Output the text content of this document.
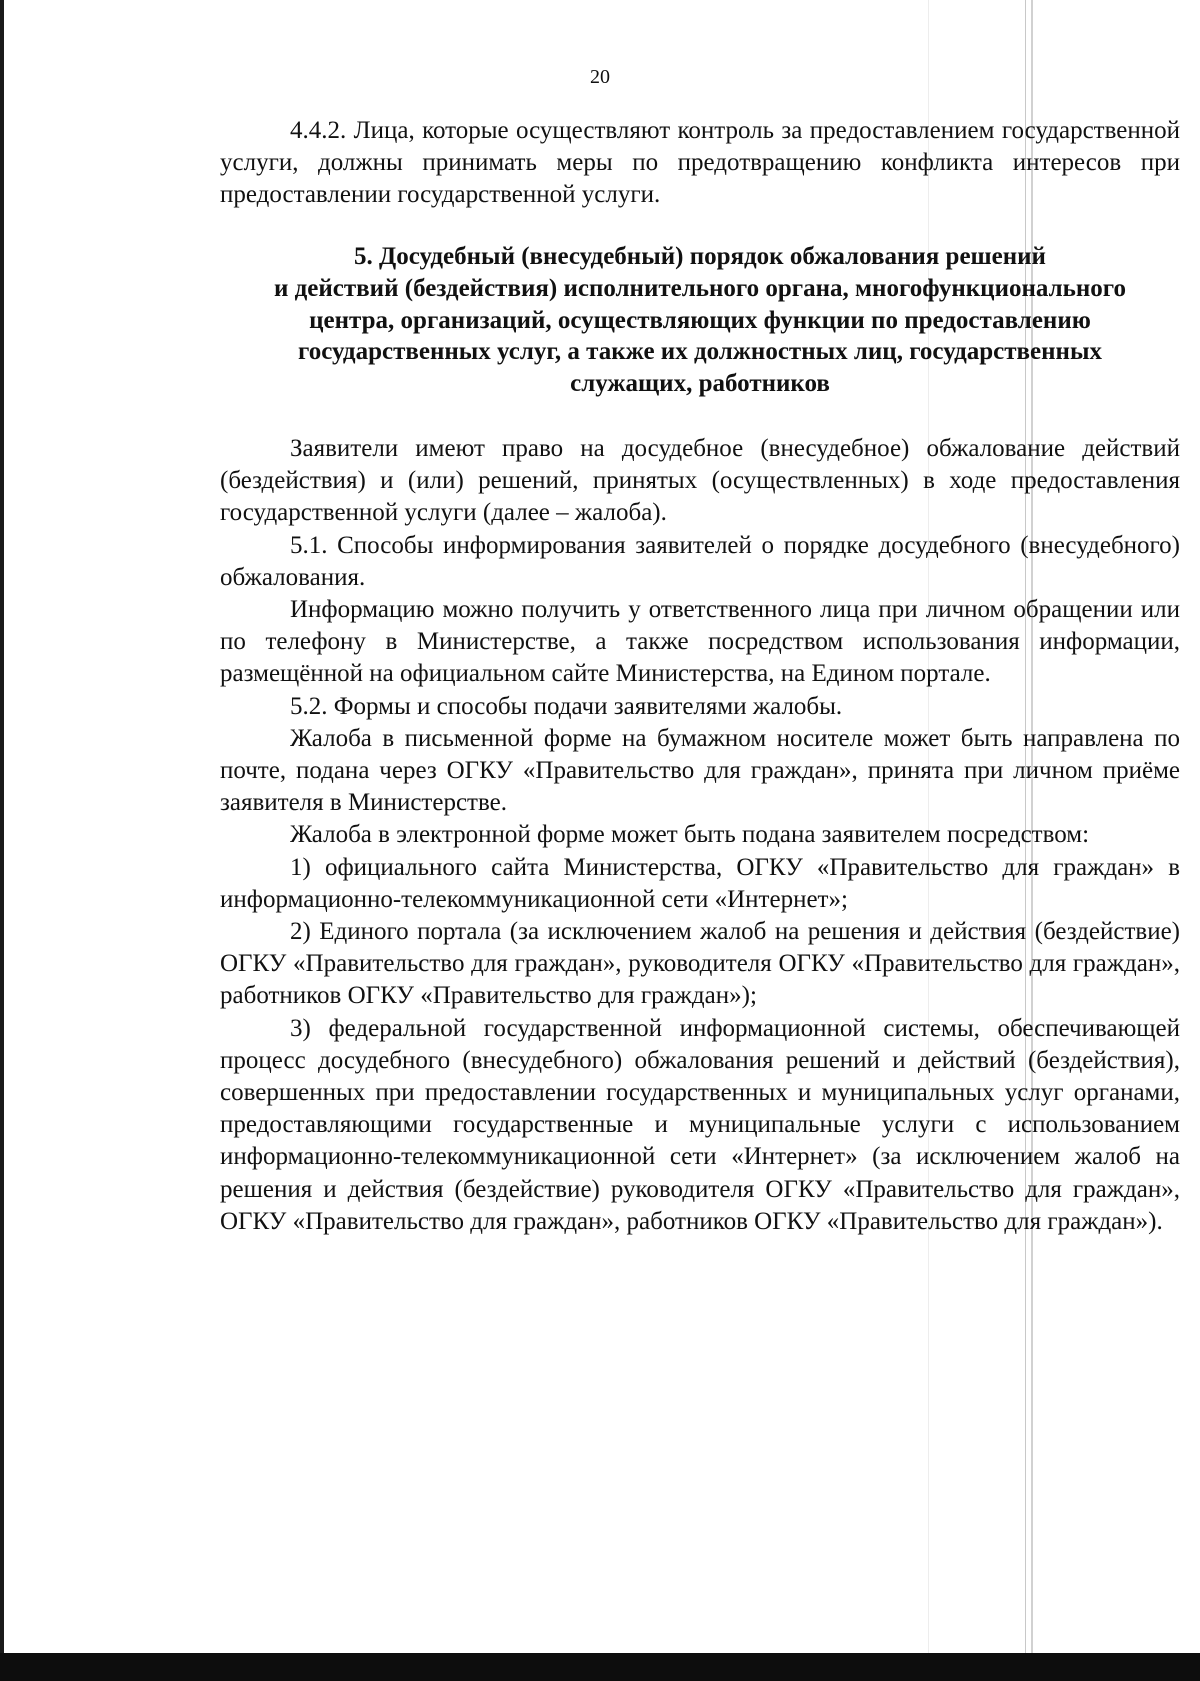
20

4.4.2. Лица, которые осуществляют контроль за предоставлением государственной услуги, должны принимать меры по предотвращению конфликта интересов при предоставлении государственной услуги.

5. Досудебный (внесудебный) порядок обжалования решений
и действий (бездействия) исполнительного органа, многофункционального
центра, организаций, осуществляющих функции по предоставлению
государственных услуг, а также их должностных лиц, государственных
служащих, работников

Заявители имеют право на досудебное (внесудебное) обжалование действий (бездействия) и (или) решений, принятых (осуществленных) в ходе предоставления государственной услуги (далее – жалоба).

5.1. Способы информирования заявителей о порядке досудебного (внесудебного) обжалования.

Информацию можно получить у ответственного лица при личном обращении или по телефону в Министерстве, а также посредством использования информации, размещённой на официальном сайте Министерства, на Едином портале.

5.2. Формы и способы подачи заявителями жалобы.

Жалоба в письменной форме на бумажном носителе может быть направлена по почте, подана через ОГКУ «Правительство для граждан», принята при личном приёме заявителя в Министерстве.

Жалоба в электронной форме может быть подана заявителем посредством:

1) официального сайта Министерства, ОГКУ «Правительство для граждан» в информационно-телекоммуникационной сети «Интернет»;

2) Единого портала (за исключением жалоб на решения и действия (бездействие) ОГКУ «Правительство для граждан», руководителя ОГКУ «Правительство для граждан», работников ОГКУ «Правительство для граждан»);

3) федеральной государственной информационной системы, обеспечивающей процесс досудебного (внесудебного) обжалования решений и действий (бездействия), совершенных при предоставлении государственных и муниципальных услуг органами, предоставляющими государственные и муниципальные услуги с использованием информационно-телекоммуникационной сети «Интернет» (за исключением жалоб на решения и действия (бездействие) руководителя ОГКУ «Правительство для граждан», ОГКУ «Правительство для граждан», работников ОГКУ «Правительство для граждан»).
